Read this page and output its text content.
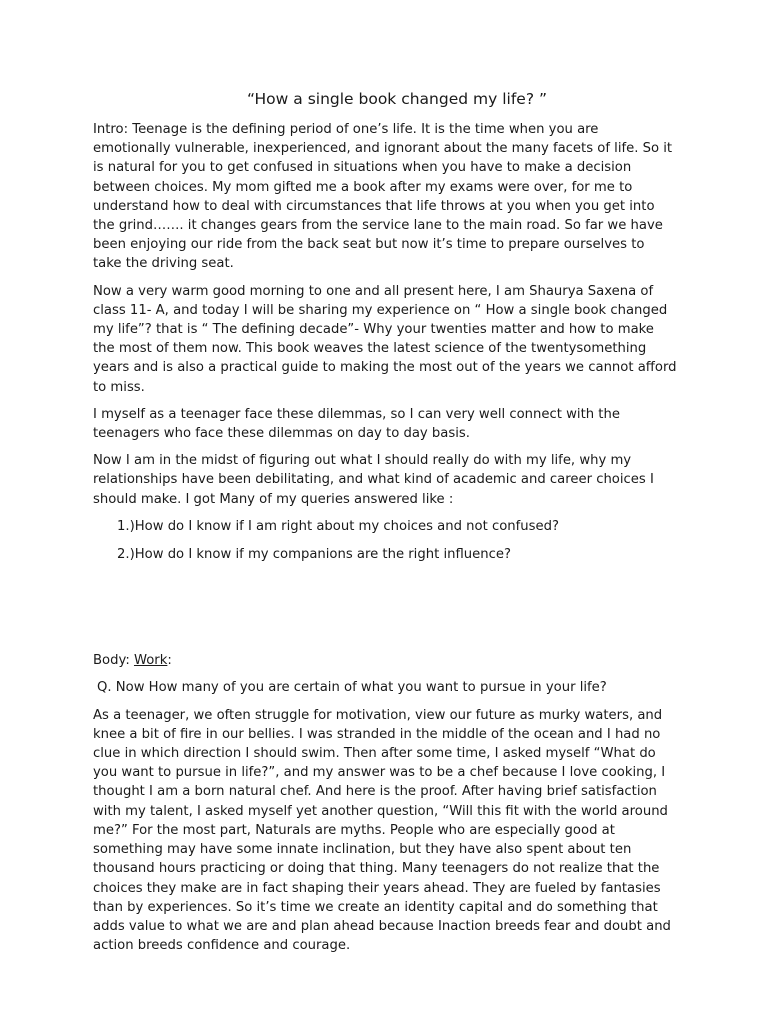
“How a single book changed my life? ”

Intro: Teenage is the defining period of one’s life. It is the time when you are emotionally vulnerable, inexperienced, and ignorant about the many facets of life. So it is natural for you to get confused in situations when you have to make a decision between choices. My mom gifted me a book after my exams were over, for me to understand how to deal with circumstances that life throws at you when you get into the grind……. it changes gears from the service lane to the main road. So far we have been enjoying our ride from the back seat but now it’s time to prepare ourselves to take the driving seat.

Now a very warm good morning to one and all present here, I am Shaurya Saxena of class 11- A, and today I will be sharing my experience on “ How a single book changed my life”? that is “ The defining decade”- Why your twenties matter and how to make the most of them now. This book weaves the latest science of the twentysomething years and is also a practical guide to making the most out of the years we cannot afford to miss.

I myself as a teenager face these dilemmas, so I can very well connect with the teenagers who face these dilemmas on day to day basis.

Now I am in the midst of figuring out what I should really do with my life, why my relationships have been debilitating, and what kind of academic and career choices I should make. I got Many of my queries answered like :

1.)How do I know if I am right about my choices and not confused?
2.)How do I know if my companions are the right influence?
Body: Work:

Q. Now How many of you are certain of what you want to pursue in your life?

As a teenager, we often struggle for motivation, view our future as murky waters, and knee a bit of fire in our bellies. I was stranded in the middle of the ocean and I had no clue in which direction I should swim. Then after some time, I asked myself “What do you want to pursue in life?”, and my answer was to be a chef because I love cooking, I thought I am a born natural chef. And here is the proof. After having brief satisfaction with my talent, I asked myself yet another question, “Will this fit with the world around me?” For the most part, Naturals are myths. People who are especially good at something may have some innate inclination, but they have also spent about ten thousand hours practicing or doing that thing. Many teenagers do not realize that the choices they make are in fact shaping their years ahead. They are fueled by fantasies than by experiences. So it’s time we create an identity capital and do something that adds value to what we are and plan ahead because Inaction breeds fear and doubt and action breeds confidence and courage.
